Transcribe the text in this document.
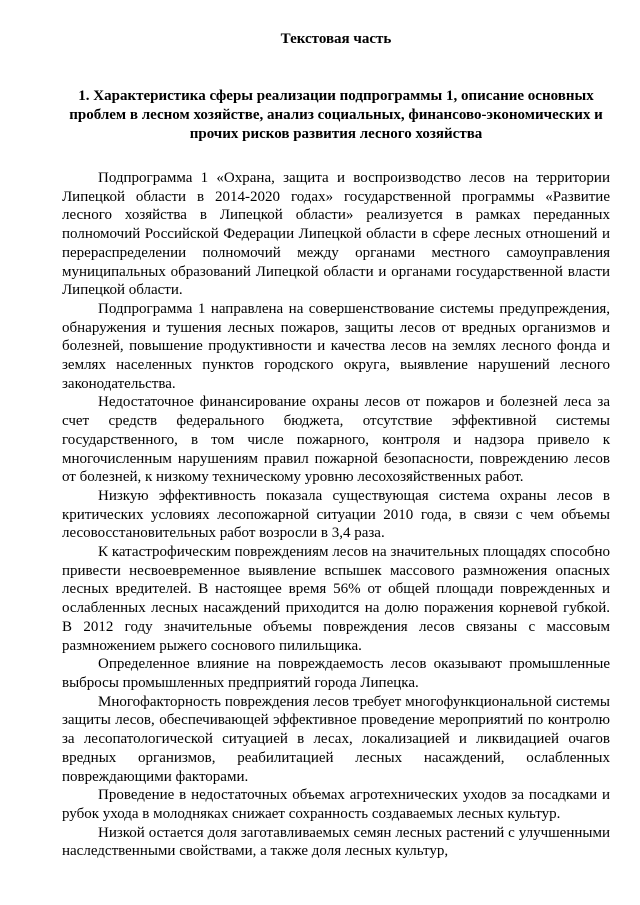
Текстовая часть
1. Характеристика сферы реализации подпрограммы 1, описание основных проблем в лесном хозяйстве, анализ социальных, финансово-экономических и прочих рисков развития лесного хозяйства

Подпрограмма 1 «Охрана, защита и воспроизводство лесов на территории Липецкой области в 2014-2020 годах» государственной программы «Развитие лесного хозяйства в Липецкой области» реализуется в рамках переданных полномочий Российской Федерации Липецкой области в сфере лесных отношений и перераспределении полномочий между органами местного самоуправления муниципальных образований Липецкой области и органами государственной власти Липецкой области.

Подпрограмма 1 направлена на совершенствование системы предупреждения, обнаружения и тушения лесных пожаров, защиты лесов от вредных организмов и болезней, повышение продуктивности и качества лесов на землях лесного фонда и землях населенных пунктов городского округа, выявление нарушений лесного законодательства.

Недостаточное финансирование охраны лесов от пожаров и болезней леса за счет средств федерального бюджета, отсутствие эффективной системы государственного, в том числе пожарного, контроля и надзора привело к многочисленным нарушениям правил пожарной безопасности, повреждению лесов от болезней, к низкому техническому уровню лесохозяйственных работ.

Низкую эффективность показала существующая система охраны лесов в критических условиях лесопожарной ситуации 2010 года, в связи с чем объемы лесовосстановительных работ возросли в 3,4 раза.

К катастрофическим повреждениям лесов на значительных площадях способно привести несвоевременное выявление вспышек массового размножения опасных лесных вредителей. В настоящее время 56% от общей площади поврежденных и ослабленных лесных насаждений приходится на долю поражения корневой губкой. В 2012 году значительные объемы повреждения лесов связаны с массовым размножением рыжего соснового пилильщика.

Определенное влияние на повреждаемость лесов оказывают промышленные выбросы промышленных предприятий города Липецка.

Многофакторность повреждения лесов требует многофункциональной системы защиты лесов, обеспечивающей эффективное проведение мероприятий по контролю за лесопатологической ситуацией в лесах, локализацией и ликвидацией очагов вредных организмов, реабилитацией лесных насаждений, ослабленных повреждающими факторами.

Проведение в недостаточных объемах агротехнических уходов за посадками и рубок ухода в молодняках снижает сохранность создаваемых лесных культур.

Низкой остается доля заготавливаемых семян лесных растений с улучшенными наследственными свойствами, а также доля лесных культур,
